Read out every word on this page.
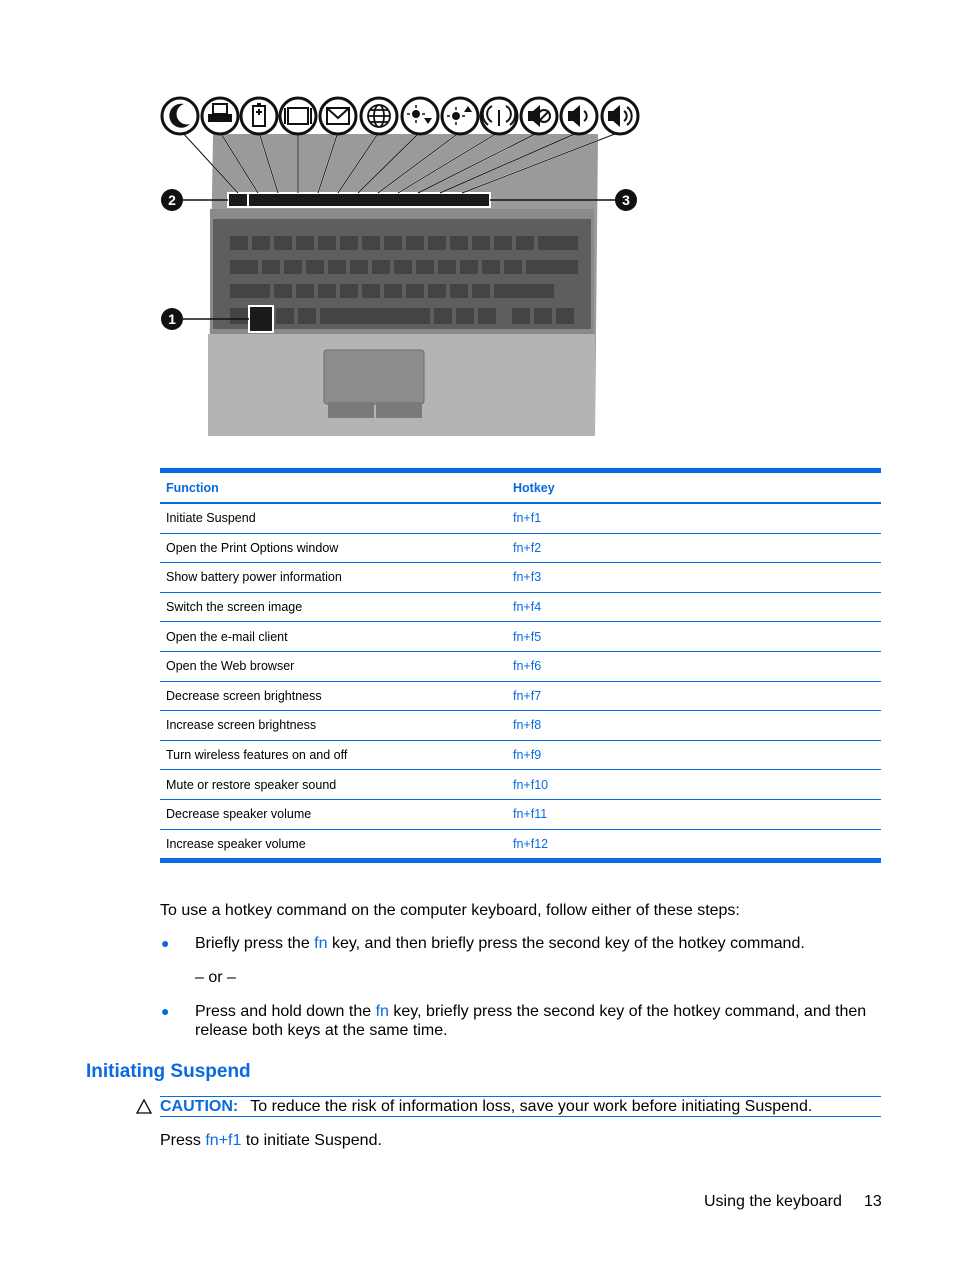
2	3
1
Function	Hotkey
Initiate Suspend	fn+f1
Open the Print Options window	fn+f2
Show battery power information	fn+f3
Switch the screen image	fn+f4
Open the e-mail client	fn+f5
Open the Web browser	fn+f6
Decrease screen brightness	fn+f7
Increase screen brightness	fn+f8
Turn wireless features on and off	fn+f9
Mute or restore speaker sound	fn+f10
Decrease speaker volume	fn+f11
Increase speaker volume	fn+f12

To use a hotkey command on the computer keyboard, follow either of these steps:

● Briefly press the fn key, and then briefly press the second key of the hotkey command.

– or –

● Press and hold down the fn key, briefly press the second key of the hotkey command, and then release both keys at the same time.

Initiating Suspend
CAUTION: To reduce the risk of information loss, save your work before initiating Suspend.

Press fn+f1 to initiate Suspend.

Using the keyboard 13
